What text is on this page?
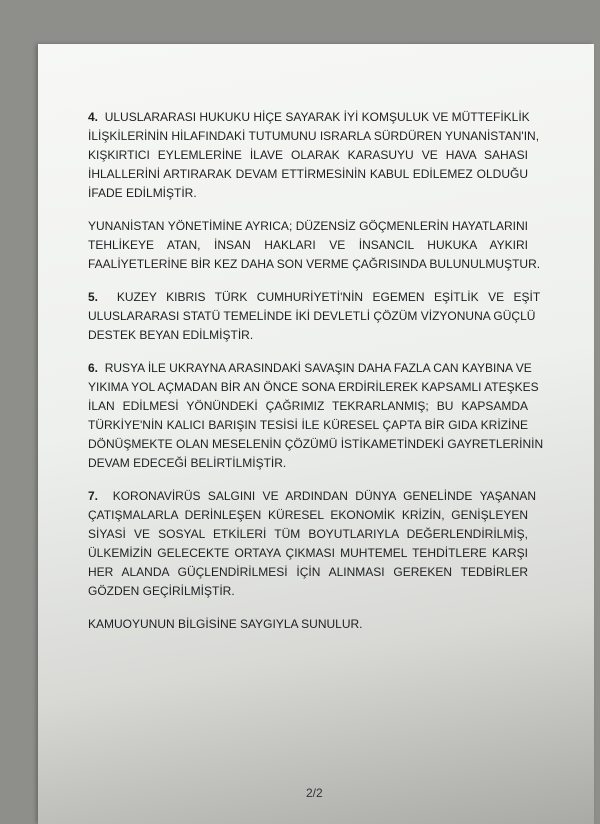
4. ULUSLARARASI HUKUKU HİÇE SAYARAK İYİ KOMŞULUK VE MÜTTEFİKLİK
İLİŞKİLERİNİN HİLAFINDAKİ TUTUMUNU ISRARLA SÜRDÜREN YUNANİSTAN'IN,
KIŞKIRTICI EYLEMLERİNE İLAVE OLARAK KARASUYU VE HAVA SAHASI
İHLALLERİNİ ARTIRARAK DEVAM ETTİRMESİNİN KABUL EDİLEMEZ OLDUĞU
İFADE EDİLMİŞTİR.
YUNANİSTAN YÖNETİMİNE AYRICA; DÜZENSİZ GÖÇMENLERİN HAYATLARINI
TEHLİKEYE ATAN, İNSAN HAKLARI VE İNSANCIL HUKUKA AYKIRI
FAALİYETLERİNE BİR KEZ DAHA SON VERME ÇAĞRISINDA BULUNULMUŞTUR.
5. KUZEY KIBRIS TÜRK CUMHURİYETİ'NİN EGEMEN EŞİTLİK VE EŞİT
ULUSLARARASI STATÜ TEMELİNDE İKİ DEVLETLİ ÇÖZÜM VİZYONUNA GÜÇLÜ
DESTEK BEYAN EDİLMİŞTİR.
6. RUSYA İLE UKRAYNA ARASINDAKİ SAVAŞIN DAHA FAZLA CAN KAYBINA VE
YIKIMA YOL AÇMADAN BİR AN ÖNCE SONA ERDİRİLEREK KAPSAMLI ATEŞKES
İLAN EDİLMESİ YÖNÜNDEKİ ÇAĞRIMIZ TEKRARLANMIŞ; BU KAPSAMDA
TÜRKİYE'NİN KALICI BARIŞIN TESİSİ İLE KÜRESEL ÇAPTA BİR GIDA KRİZİNE
DÖNÜŞMEKTE OLAN MESELENİN ÇÖZÜMÜ İSTİKAMETİNDEKİ GAYRETLERİNİN
DEVAM EDECEĞİ BELİRTİLMİŞTİR.
7. KORONAVİRÜS SALGINI VE ARDINDAN DÜNYA GENELİNDE YAŞANAN
ÇATIŞMALARLA DERİNLEŞEN KÜRESEL EKONOMİK KRİZİN, GENİŞLEYEN
SİYASİ VE SOSYAL ETKİLERİ TÜM BOYUTLARIYLA DEĞERLENDİRİLMİŞ,
ÜLKEMİZİN GELECEKTE ORTAYA ÇIKMASI MUHTEMEL TEHDİTLERE KARŞI
HER ALANDA GÜÇLENDİRİLMESİ İÇİN ALINMASI GEREKEN TEDBİRLER
GÖZDEN GEÇİRİLMİŞTİR.
KAMUOYUNUN BİLGİSİNE SAYGIYLA SUNULUR.
2/2
